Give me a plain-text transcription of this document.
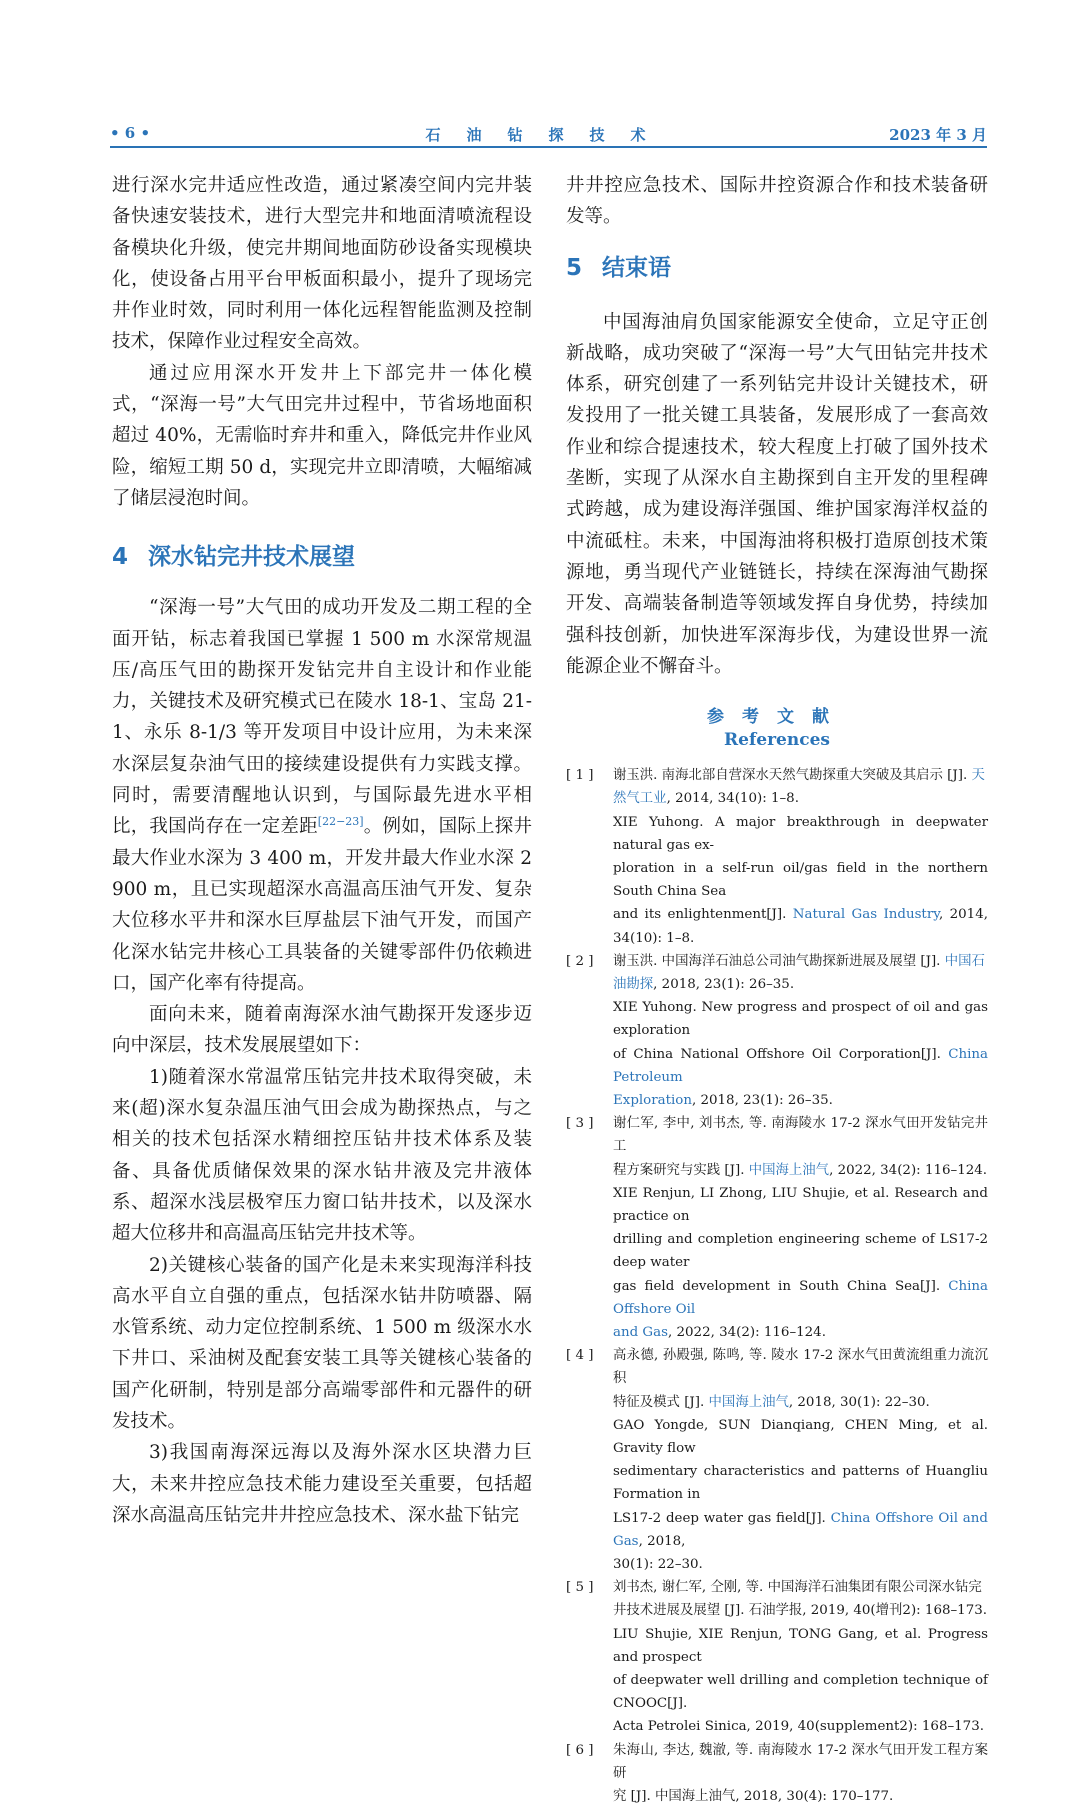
• 6 •	石油钻探技术	2023 年 3 月

进行深水完井适应性改造，通过紧凑空间内完井装备快速安装技术，进行大型完井和地面清喷流程设备模块化升级，使完井期间地面防砂设备实现模块化，使设备占用平台甲板面积最小，提升了现场完井作业时效，同时利用一体化远程智能监测及控制技术，保障作业过程安全高效。

通过应用深水开发井上下部完井一体化模式，“深海一号”大气田完井过程中，节省场地面积超过 40%，无需临时弃井和重入，降低完井作业风险，缩短工期 50 d，实现完井立即清喷，大幅缩减了储层浸泡时间。

4 深水钻完井技术展望

“深海一号”大气田的成功开发及二期工程的全面开钻，标志着我国已掌握 1 500 m 水深常规温压/高压气田的勘探开发钻完井自主设计和作业能力，关键技术及研究模式已在陵水 18-1、宝岛 21-1、永乐 8-1/3 等开发项目中设计应用，为未来深水深层复杂油气田的接续建设提供有力实践支撑。同时，需要清醒地认识到，与国际最先进水平相比，我国尚存在一定差距[22−23]。例如，国际上探井最大作业水深为 3 400 m，开发井最大作业水深 2 900 m，且已实现超深水高温高压油气开发、复杂大位移水平井和深水巨厚盐层下油气开发，而国产化深水钻完井核心工具装备的关键零部件仍依赖进口，国产化率有待提高。

面向未来，随着南海深水油气勘探开发逐步迈向中深层，技术发展展望如下：

1)随着深水常温常压钻完井技术取得突破，未来(超)深水复杂温压油气田会成为勘探热点，与之相关的技术包括深水精细控压钻井技术体系及装备、具备优质储保效果的深水钻井液及完井液体系、超深水浅层极窄压力窗口钻井技术，以及深水超大位移井和高温高压钻完井技术等。

2)关键核心装备的国产化是未来实现海洋科技高水平自立自强的重点，包括深水钻井防喷器、隔水管系统、动力定位控制系统、1 500 m 级深水水下井口、采油树及配套安装工具等关键核心装备的国产化研制，特别是部分高端零部件和元器件的研发技术。

3)我国南海深远海以及海外深水区块潜力巨大，未来井控应急技术能力建设至关重要，包括超深水高温高压钻完井井控应急技术、深水盐下钻完

井井控应急技术、国际井控资源合作和技术装备研发等。

5 结束语

中国海油肩负国家能源安全使命，立足守正创新战略，成功突破了“深海一号”大气田钻完井技术体系，研究创建了一系列钻完井设计关键技术，研发投用了一批关键工具装备，发展形成了一套高效作业和综合提速技术，较大程度上打破了国外技术垄断，实现了从深水自主勘探到自主开发的里程碑式跨越，成为建设海洋强国、维护国家海洋权益的中流砥柱。未来，中国海油将积极打造原创技术策源地，勇当现代产业链链长，持续在深海油气勘探开发、高端装备制造等领域发挥自身优势，持续加强科技创新，加快进军深海步伐，为建设世界一流能源企业不懈奋斗。

参考文献

References

[ 1 ]	谢玉洪. 南海北部自营深水天然气勘探重大突破及其启示 [J]. 天
然气工业, 2014, 34(10): 1–8.
XIE Yuhong. A major breakthrough in deepwater natural gas ex-
ploration in a self-run oil/gas field in the northern South China Sea
and its enlightenment[J]. Natural Gas Industry, 2014, 34(10): 1–8.
[ 2 ]	谢玉洪. 中国海洋石油总公司油气勘探新进展及展望 [J]. 中国石
油勘探, 2018, 23(1): 26–35.
XIE Yuhong. New progress and prospect of oil and gas exploration
of China National Offshore Oil Corporation[J]. China Petroleum
Exploration, 2018, 23(1): 26–35.
[ 3 ]	谢仁军, 李中, 刘书杰, 等. 南海陵水 17-2 深水气田开发钻完井工
程方案研究与实践 [J]. 中国海上油气, 2022, 34(2): 116–124.
XIE Renjun, LI Zhong, LIU Shujie, et al. Research and practice on
drilling and completion engineering scheme of LS17-2 deep water
gas field development in South China Sea[J]. China Offshore Oil
and Gas, 2022, 34(2): 116–124.
[ 4 ]	高永德, 孙殿强, 陈鸣, 等. 陵水 17-2 深水气田黄流组重力流沉积
特征及模式 [J]. 中国海上油气, 2018, 30(1): 22–30.
GAO Yongde, SUN Dianqiang, CHEN Ming, et al. Gravity flow
sedimentary characteristics and patterns of Huangliu Formation in
LS17-2 deep water gas field[J]. China Offshore Oil and Gas, 2018,
30(1): 22–30.
[ 5 ]	刘书杰, 谢仁军, 仝刚, 等. 中国海洋石油集团有限公司深水钻完
井技术进展及展望 [J]. 石油学报, 2019, 40(增刊2): 168–173.
LIU Shujie, XIE Renjun, TONG Gang, et al. Progress and prospect
of deepwater well drilling and completion technique of CNOOC[J].
Acta Petrolei Sinica, 2019, 40(supplement2): 168–173.
[ 6 ]	朱海山, 李达, 魏澈, 等. 南海陵水 17-2 深水气田开发工程方案研
究 [J]. 中国海上油气, 2018, 30(4): 170–177.
